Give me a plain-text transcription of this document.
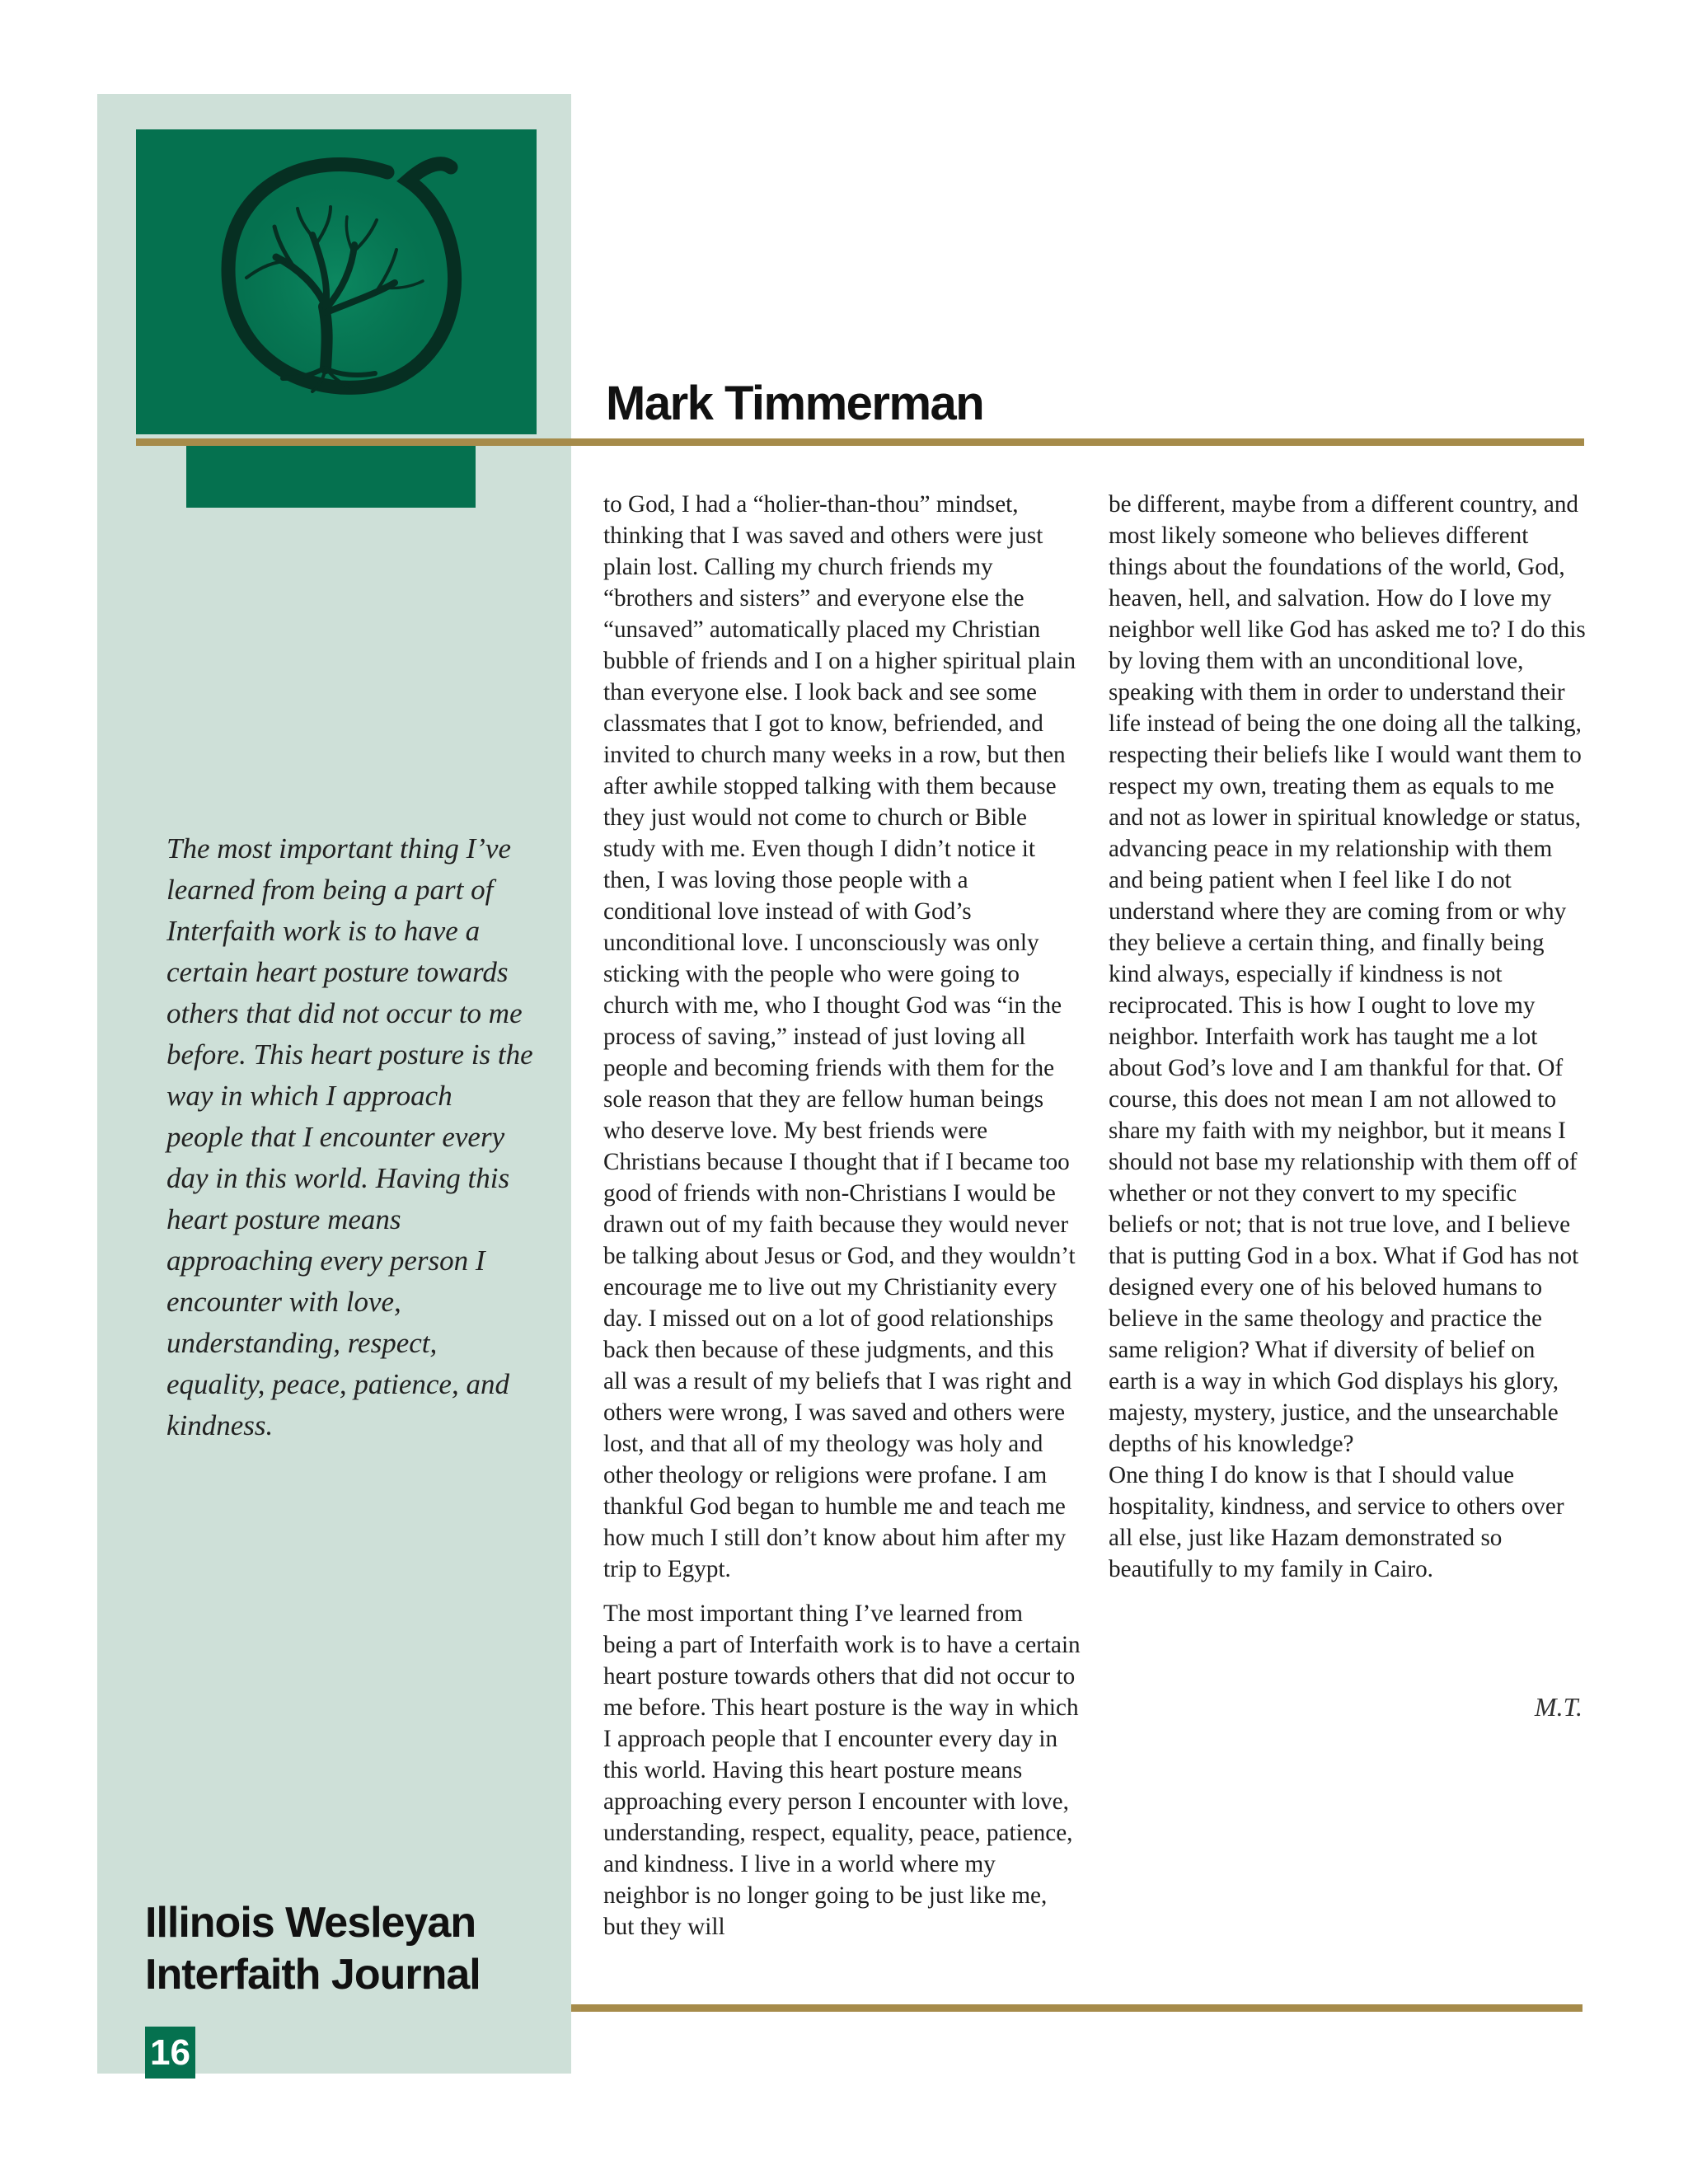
Mark Timmerman

The most important thing I’ve learned from being a part of Interfaith work is to have a certain heart posture towards others that did not occur to me before. This heart posture is the way in which I approach people that I encounter every day in this world. Having this heart posture means approaching every person I encounter with love, understanding, respect, equality, peace, patience, and kindness.

to God, I had a “holier-than-thou” mindset, thinking that I was saved and others were just plain lost. Calling my church friends my “brothers and sisters” and everyone else the “unsaved” automatically placed my Christian bubble of friends and I on a higher spiritual plain than everyone else. I look back and see some classmates that I got to know, befriended, and invited to church many weeks in a row, but then after awhile stopped talking with them because they just would not come to church or Bible study with me. Even though I didn’t notice it then, I was loving those people with a conditional love instead of with God’s unconditional love. I unconsciously was only sticking with the people who were going to church with me, who I thought God was “in the process of saving,” instead of just loving all people and becoming friends with them for the sole reason that they are fellow human beings who deserve love. My best friends were Christians because I thought that if I became too good of friends with non-Christians I would be drawn out of my faith because they would never be talking about Jesus or God, and they wouldn’t encourage me to live out my Christianity every day. I missed out on a lot of good relationships back then because of these judgments, and this all was a result of my beliefs that I was right and others were wrong, I was saved and others were lost, and that all of my theology was holy and other theology or religions were profane. I am thankful God began to humble me and teach me how much I still don’t know about him after my trip to Egypt.

The most important thing I’ve learned from being a part of Interfaith work is to have a certain heart posture towards others that did not occur to me before. This heart posture is the way in which I approach people that I encounter every day in this world. Having this heart posture means approaching every person I encounter with love, understanding, respect, equality, peace, patience, and kindness. I live in a world where my neighbor is no longer going to be just like me, but they will

be different, maybe from a different country, and most likely someone who believes different things about the foundations of the world, God, heaven, hell, and salvation. How do I love my neighbor well like God has asked me to? I do this by loving them with an unconditional love, speaking with them in order to understand their life instead of being the one doing all the talking, respecting their beliefs like I would want them to respect my own, treating them as equals to me and not as lower in spiritual knowledge or status, advancing peace in my relationship with them and being patient when I feel like I do not understand where they are coming from or why they believe a certain thing, and finally being kind always, especially if kindness is not reciprocated. This is how I ought to love my neighbor. Interfaith work has taught me a lot about God’s love and I am thankful for that. Of course, this does not mean I am not allowed to share my faith with my neighbor, but it means I should not base my relationship with them off of whether or not they convert to my specific beliefs or not; that is not true love, and I believe that is putting God in a box. What if God has not designed every one of his beloved humans to believe in the same theology and practice the same religion? What if diversity of belief on earth is a way in which God displays his glory, majesty, mystery, justice, and the unsearchable depths of his knowledge?

One thing I do know is that I should value hospitality, kindness, and service to others over all else, just like Hazam demonstrated so beautifully to my family in Cairo.

M.T.

Illinois Wesleyan
Interfaith Journal
16
